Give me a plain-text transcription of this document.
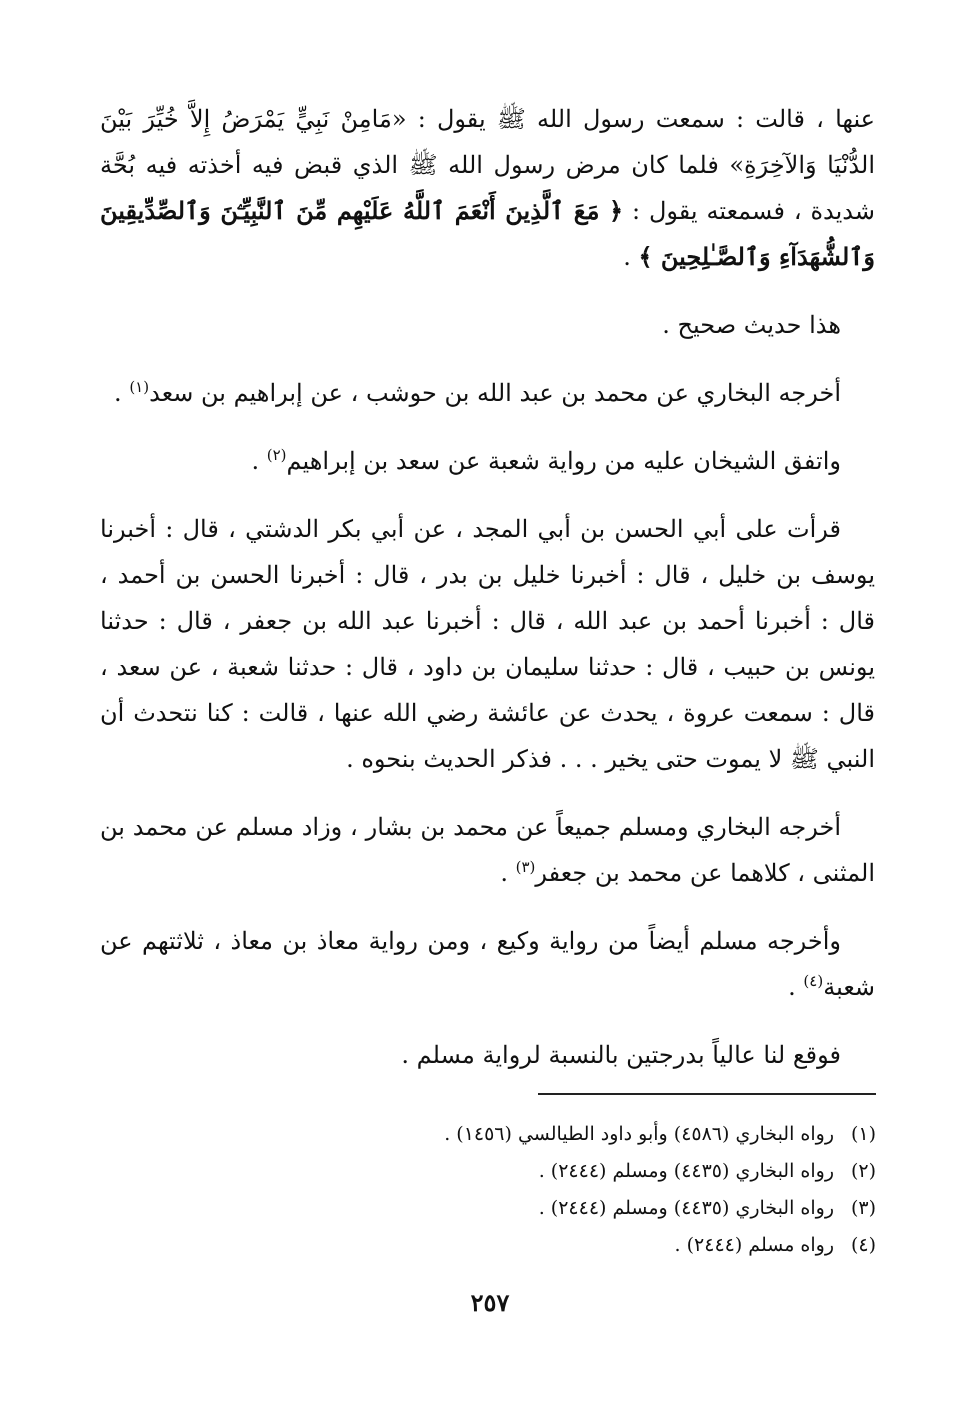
عنها ، قالت : سمعت رسول الله ﷺ يقول : «مَامِنْ نَبِيٍّ يَمْرَضُ إِلاَّ خُيِّرَ بَيْنَ الدُّنْيَا وَالآخِرَةِ» فلما كان مرض رسول الله ﷺ الذي قبض فيه أخذته فيه بُحَّة شديدة ، فسمعته يقول : ﴿ مَعَ ٱلَّذِينَ أَنْعَمَ ٱللَّهُ عَلَيْهِم مِّنَ ٱلنَّبِيِّـۧنَ وَٱلصِّدِّيقِينَ وَٱلشُّهَدَآءِ وَٱلصَّـٰلِحِينَ ﴾ .

هذا حديث صحيح .

أخرجه البخاري عن محمد بن عبد الله بن حوشب ، عن إبراهيم بن سعد$^{(١)}$ .

واتفق الشيخان عليه من رواية شعبة عن سعد بن إبراهيم$^{(٢)}$ .

قرأت على أبي الحسن بن أبي المجد ، عن أبي بكر الدشتي ، قال : أخبرنا يوسف بن خليل ، قال : أخبرنا خليل بن بدر ، قال : أخبرنا الحسن بن أحمد ، قال : أخبرنا أحمد بن عبد الله ، قال : أخبرنا عبد الله بن جعفر ، قال : حدثنا يونس بن حبيب ، قال : حدثنا سليمان بن داود ، قال : حدثنا شعبة ، عن سعد ، قال : سمعت عروة ، يحدث عن عائشة رضي الله عنها ، قالت : كنا نتحدث أن النبي ﷺ لا يموت حتى يخير . . . فذكر الحديث بنحوه .

أخرجه البخاري ومسلم جميعاً عن محمد بن بشار ، وزاد مسلم عن محمد بن المثنى ، كلاهما عن محمد بن جعفر$^{(٣)}$ .

وأخرجه مسلم أيضاً من رواية وكيع ، ومن رواية معاذ بن معاذ ، ثلاثتهم عن شعبة$^{(٤)}$ .

فوقع لنا عالياً بدرجتين بالنسبة لرواية مسلم .

(١)
رواه البخاري (٤٥٨٦) وأبو داود الطيالسي (١٤٥٦) .
(٢)
رواه البخاري (٤٤٣٥) ومسلم (٢٤٤٤) .
(٣)
رواه البخاري (٤٤٣٥) ومسلم (٢٤٤٤) .
(٤)
رواه مسلم (٢٤٤٤) .
٢٥٧
